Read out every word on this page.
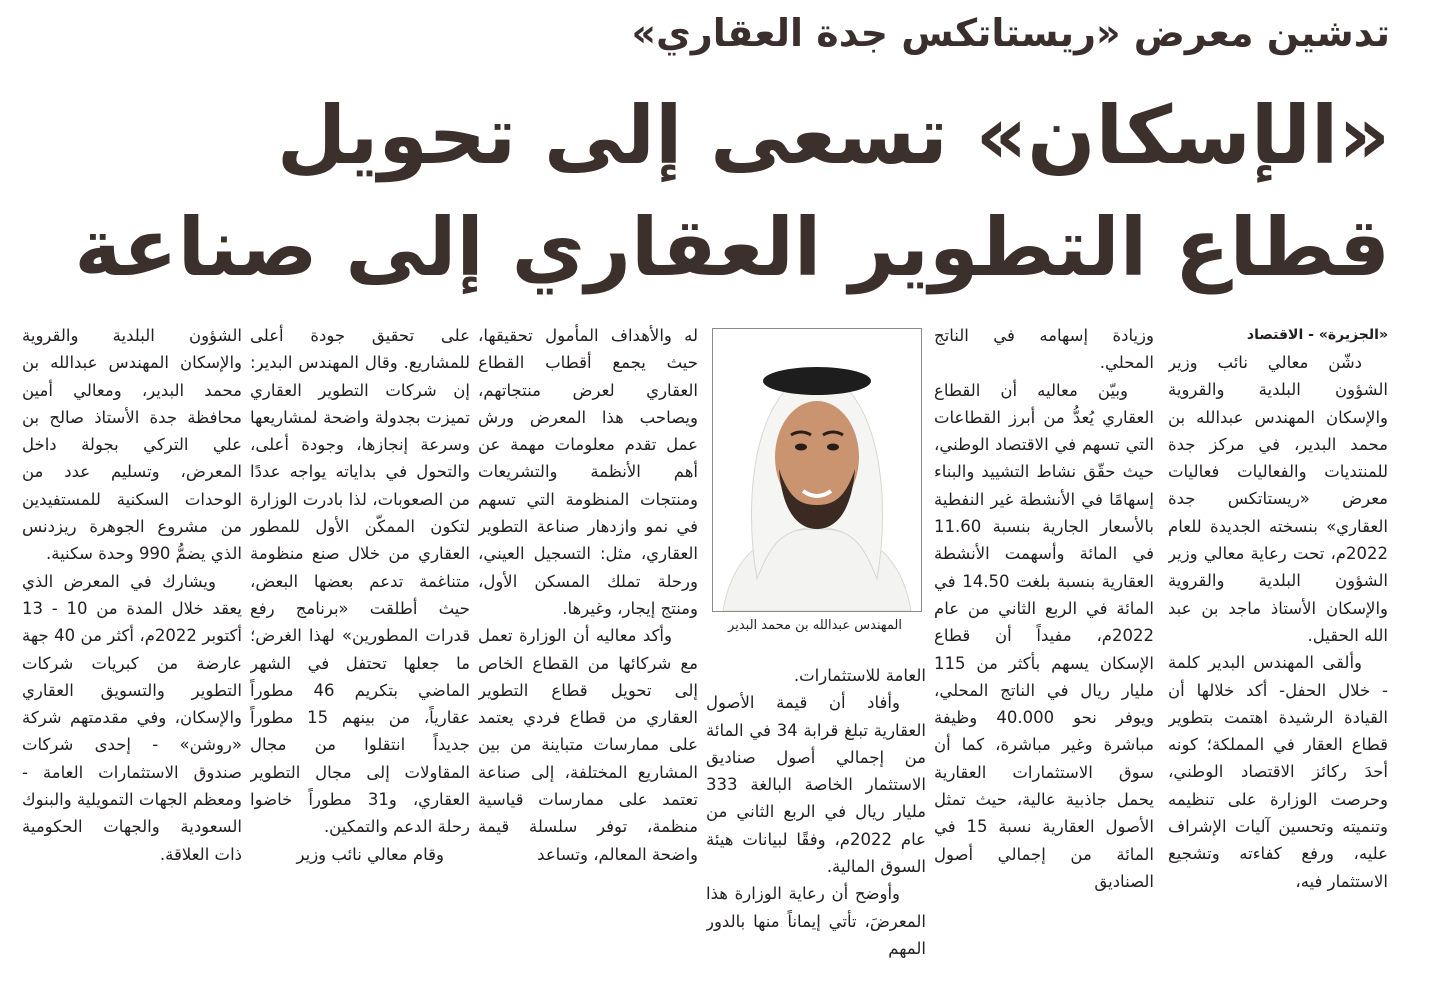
تدشين معرض «ريستاتكس جدة العقاري»
«الإسكان» تسعى إلى تحويل قطاع التطوير العقاري إلى صناعة

«الجزيرة» - الاقتصاد

دشّن معالي نائب وزير الشؤون البلدية والقروية والإسكان المهندس عبدالله بن محمد البدير، في مركز جدة للمنتديات والفعاليات فعاليات معرض «ريستاتكس جدة العقاري» بنسخته الجديدة للعام 2022م، تحت رعاية معالي وزير الشؤون البلدية والقروية والإسكان الأستاذ ماجد بن عبد الله الحقيل.

وألقى المهندس البدير كلمة - خلال الحفل- أكد خلالها أن القيادة الرشيدة اهتمت بتطوير قطاع العقار في المملكة؛ كونه أحدَ ركائز الاقتصاد الوطني، وحرصت الوزارة على تنظيمه وتنميته وتحسين آليات الإشراف عليه، ورفع كفاءته وتشجيع الاستثمار فيه،

وزيادة إسهامه في الناتج المحلي.

وبيّن معاليه أن القطاع العقاري يُعدُّ من أبرز القطاعات التي تسهم في الاقتصاد الوطني، حيث حقّق نشاط التشييد والبناء إسهامًا في الأنشطة غير النفطية بالأسعار الجارية بنسبة 11.60 في المائة وأسهمت الأنشطة العقارية بنسبة بلغت 14.50 في المائة في الربع الثاني من عام 2022م، مفيداً أن قطاع الإسكان يسهم بأكثر من 115 مليار ريال في الناتج المحلي، ويوفر نحو 40.000 وظيفة مباشرة وغير مباشرة، كما أن سوق الاستثمارات العقارية يحمل جاذبية عالية، حيث تمثل الأصول العقارية نسبة 15 في المائة من إجمالي أصول الصناديق

المهندس عبدالله بن محمد البدير

العامة للاستثمارات.

وأفاد أن قيمة الأصول العقارية تبلغ قرابة 34 في المائة من إجمالي أصول صناديق الاستثمار الخاصة البالغة 333 مليار ريال في الربع الثاني من عام 2022م، وفقًا لبيانات هيئة السوق المالية.

وأوضح أن رعاية الوزارة هذا المعرضَ، تأتي إيماناً منها بالدور المهم

له والأهداف المأمول تحقيقها، حيث يجمع أقطاب القطاع العقاري لعرض منتجاتهم، ويصاحب هذا المعرض ورش عمل تقدم معلومات مهمة عن أهم الأنظمة والتشريعات ومنتجات المنظومة التي تسهم في نمو وازدهار صناعة التطوير العقاري، مثل: التسجيل العيني، ورحلة تملك المسكن الأول، ومنتج إيجار، وغيرها.

وأكد معاليه أن الوزارة تعمل مع شركائها من القطاع الخاص إلى تحويل قطاع التطوير العقاري من قطاع فردي يعتمد على ممارسات متباينة من بين المشاريع المختلفة، إلى صناعة تعتمد على ممارسات قياسية منظمة، توفر سلسلة قيمة واضحة المعالم، وتساعد

على تحقيق جودة أعلى للمشاريع. وقال المهندس البدير: إن شركات التطوير العقاري تميزت بجدولة واضحة لمشاريعها وسرعة إنجازها، وجودة أعلى، والتحول في بداياته يواجه عددًا من الصعوبات، لذا بادرت الوزارة لتكون الممكّن الأول للمطور العقاري من خلال صنع منظومة متناغمة تدعم بعضها البعض، حيث أطلقت «برنامج رفع قدرات المطورين» لهذا الغرض؛ ما جعلها تحتفل في الشهر الماضي بتكريم 46 مطوراً عقارياً، من بينهم 15 مطوراً جديداً انتقلوا من مجال المقاولات إلى مجال التطوير العقاري، و31 مطوراً خاضوا رحلة الدعم والتمكين.

وقام معالي نائب وزير

الشؤون البلدية والقروية والإسكان المهندس عبدالله بن محمد البدير، ومعالي أمين محافظة جدة الأستاذ صالح بن علي التركي بجولة داخل المعرض، وتسليم عدد من الوحدات السكنية للمستفيدين من مشروع الجوهرة ريزدنس الذي يضمُّ 990 وحدة سكنية.

ويشارك في المعرض الذي يعقد خلال المدة من 10 - 13 أكتوبر 2022م، أكثر من 40 جهة عارضة من كبريات شركات التطوير والتسويق العقاري والإسكان، وفي مقدمتهم شركة «روشن» - إحدى شركات صندوق الاستثمارات العامة - ومعظم الجهات التمويلية والبنوك السعودية والجهات الحكومية ذات العلاقة.
